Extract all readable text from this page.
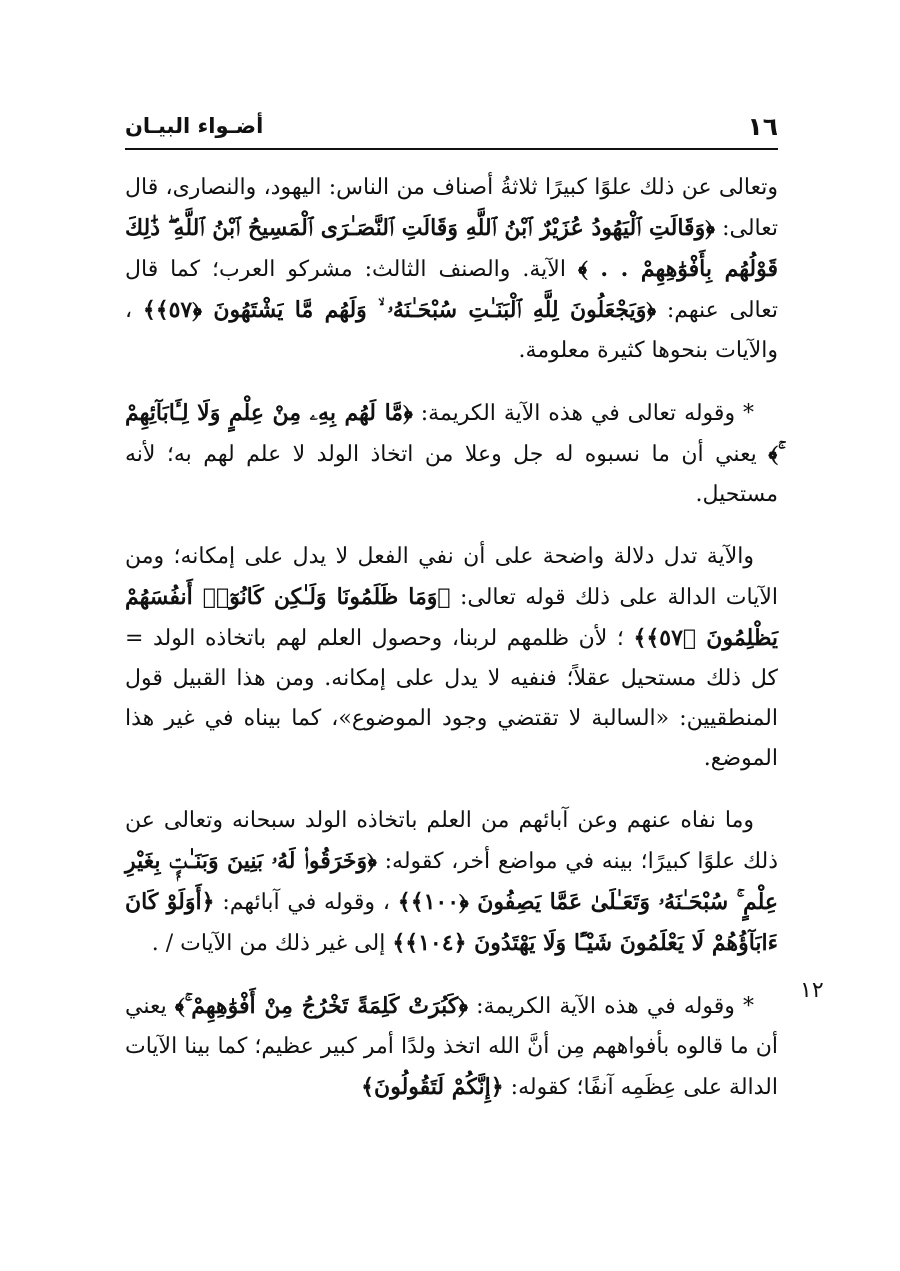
١٦
أضـواء البيـان
١٢

وتعالى عن ذلك علوًا كبيرًا ثلاثةُ أصناف من الناس: اليهود، والنصارى، قال تعالى: ﴿وَقَالَتِ ٱلْيَهُودُ عُزَيْرٌ ٱبْنُ ٱللَّهِ وَقَالَتِ ٱلنَّصَـٰرَى ٱلْمَسِيحُ ٱبْنُ ٱللَّهِ ۖ ذَٰلِكَ قَوْلُهُم بِأَفْوَٰهِهِمْ . . ﴾ الآية. والصنف الثالث: مشركو العرب؛ كما قال تعالى عنهم: ﴿وَيَجْعَلُونَ لِلَّهِ ٱلْبَنَـٰتِ سُبْحَـٰنَهُۥ ۙ وَلَهُم مَّا يَشْتَهُونَ ﴿٥٧﴾﴾ ، والآيات بنحوها كثيرة معلومة.

* وقوله تعالى في هذه الآية الكريمة: ﴿مَّا لَهُم بِهِۦ مِنْ عِلْمٍ وَلَا لِـَٔابَآئِهِمْ ۚ﴾ يعني أن ما نسبوه له جل وعلا من اتخاذ الولد لا علم لهم به؛ لأنه مستحيل.

والآية تدل دلالة واضحة على أن نفي الفعل لا يدل على إمكانه؛ ومن الآيات الدالة على ذلك قوله تعالى: ﴿وَمَا ظَلَمُونَا وَلَـٰكِن كَانُوٓا۟ أَنفُسَهُمْ يَظْلِمُونَ ﴿٥٧﴾﴾ ؛ لأن ظلمهم لربنا، وحصول العلم لهم باتخاذه الولد = كل ذلك مستحيل عقلاً؛ فنفيه لا يدل على إمكانه. ومن هذا القبيل قول المنطقيين: «السالبة لا تقتضي وجود الموضوع»، كما بيناه في غير هذا الموضع.

وما نفاه عنهم وعن آبائهم من العلم باتخاذه الولد سبحانه وتعالى عن ذلك علوًا كبيرًا؛ بينه في مواضع أخر، كقوله: ﴿وَخَرَقُوا۟ لَهُۥ بَنِينَ وَبَنَـٰتٍۭ بِغَيْرِ عِلْمٍ ۚ سُبْحَـٰنَهُۥ وَتَعَـٰلَىٰ عَمَّا يَصِفُونَ ﴿١٠٠﴾﴾ ، وقوله في آبائهم: ﴿أَوَلَوْ كَانَ ءَابَآؤُهُمْ لَا يَعْلَمُونَ شَيْـًٔا وَلَا يَهْتَدُونَ ﴿١٠٤﴾﴾ إلى غير ذلك من الآيات / .

* وقوله في هذه الآية الكريمة: ﴿كَبُرَتْ كَلِمَةً تَخْرُجُ مِنْ أَفْوَٰهِهِمْ ۚ﴾ يعني أن ما قالوه بأفواههم مِن أنَّ الله اتخذ ولدًا أمر كبير عظيم؛ كما بينا الآيات الدالة على عِظَمِه آنفًا؛ كقوله: ﴿إِنَّكُمْ لَتَقُولُونَ﴾
